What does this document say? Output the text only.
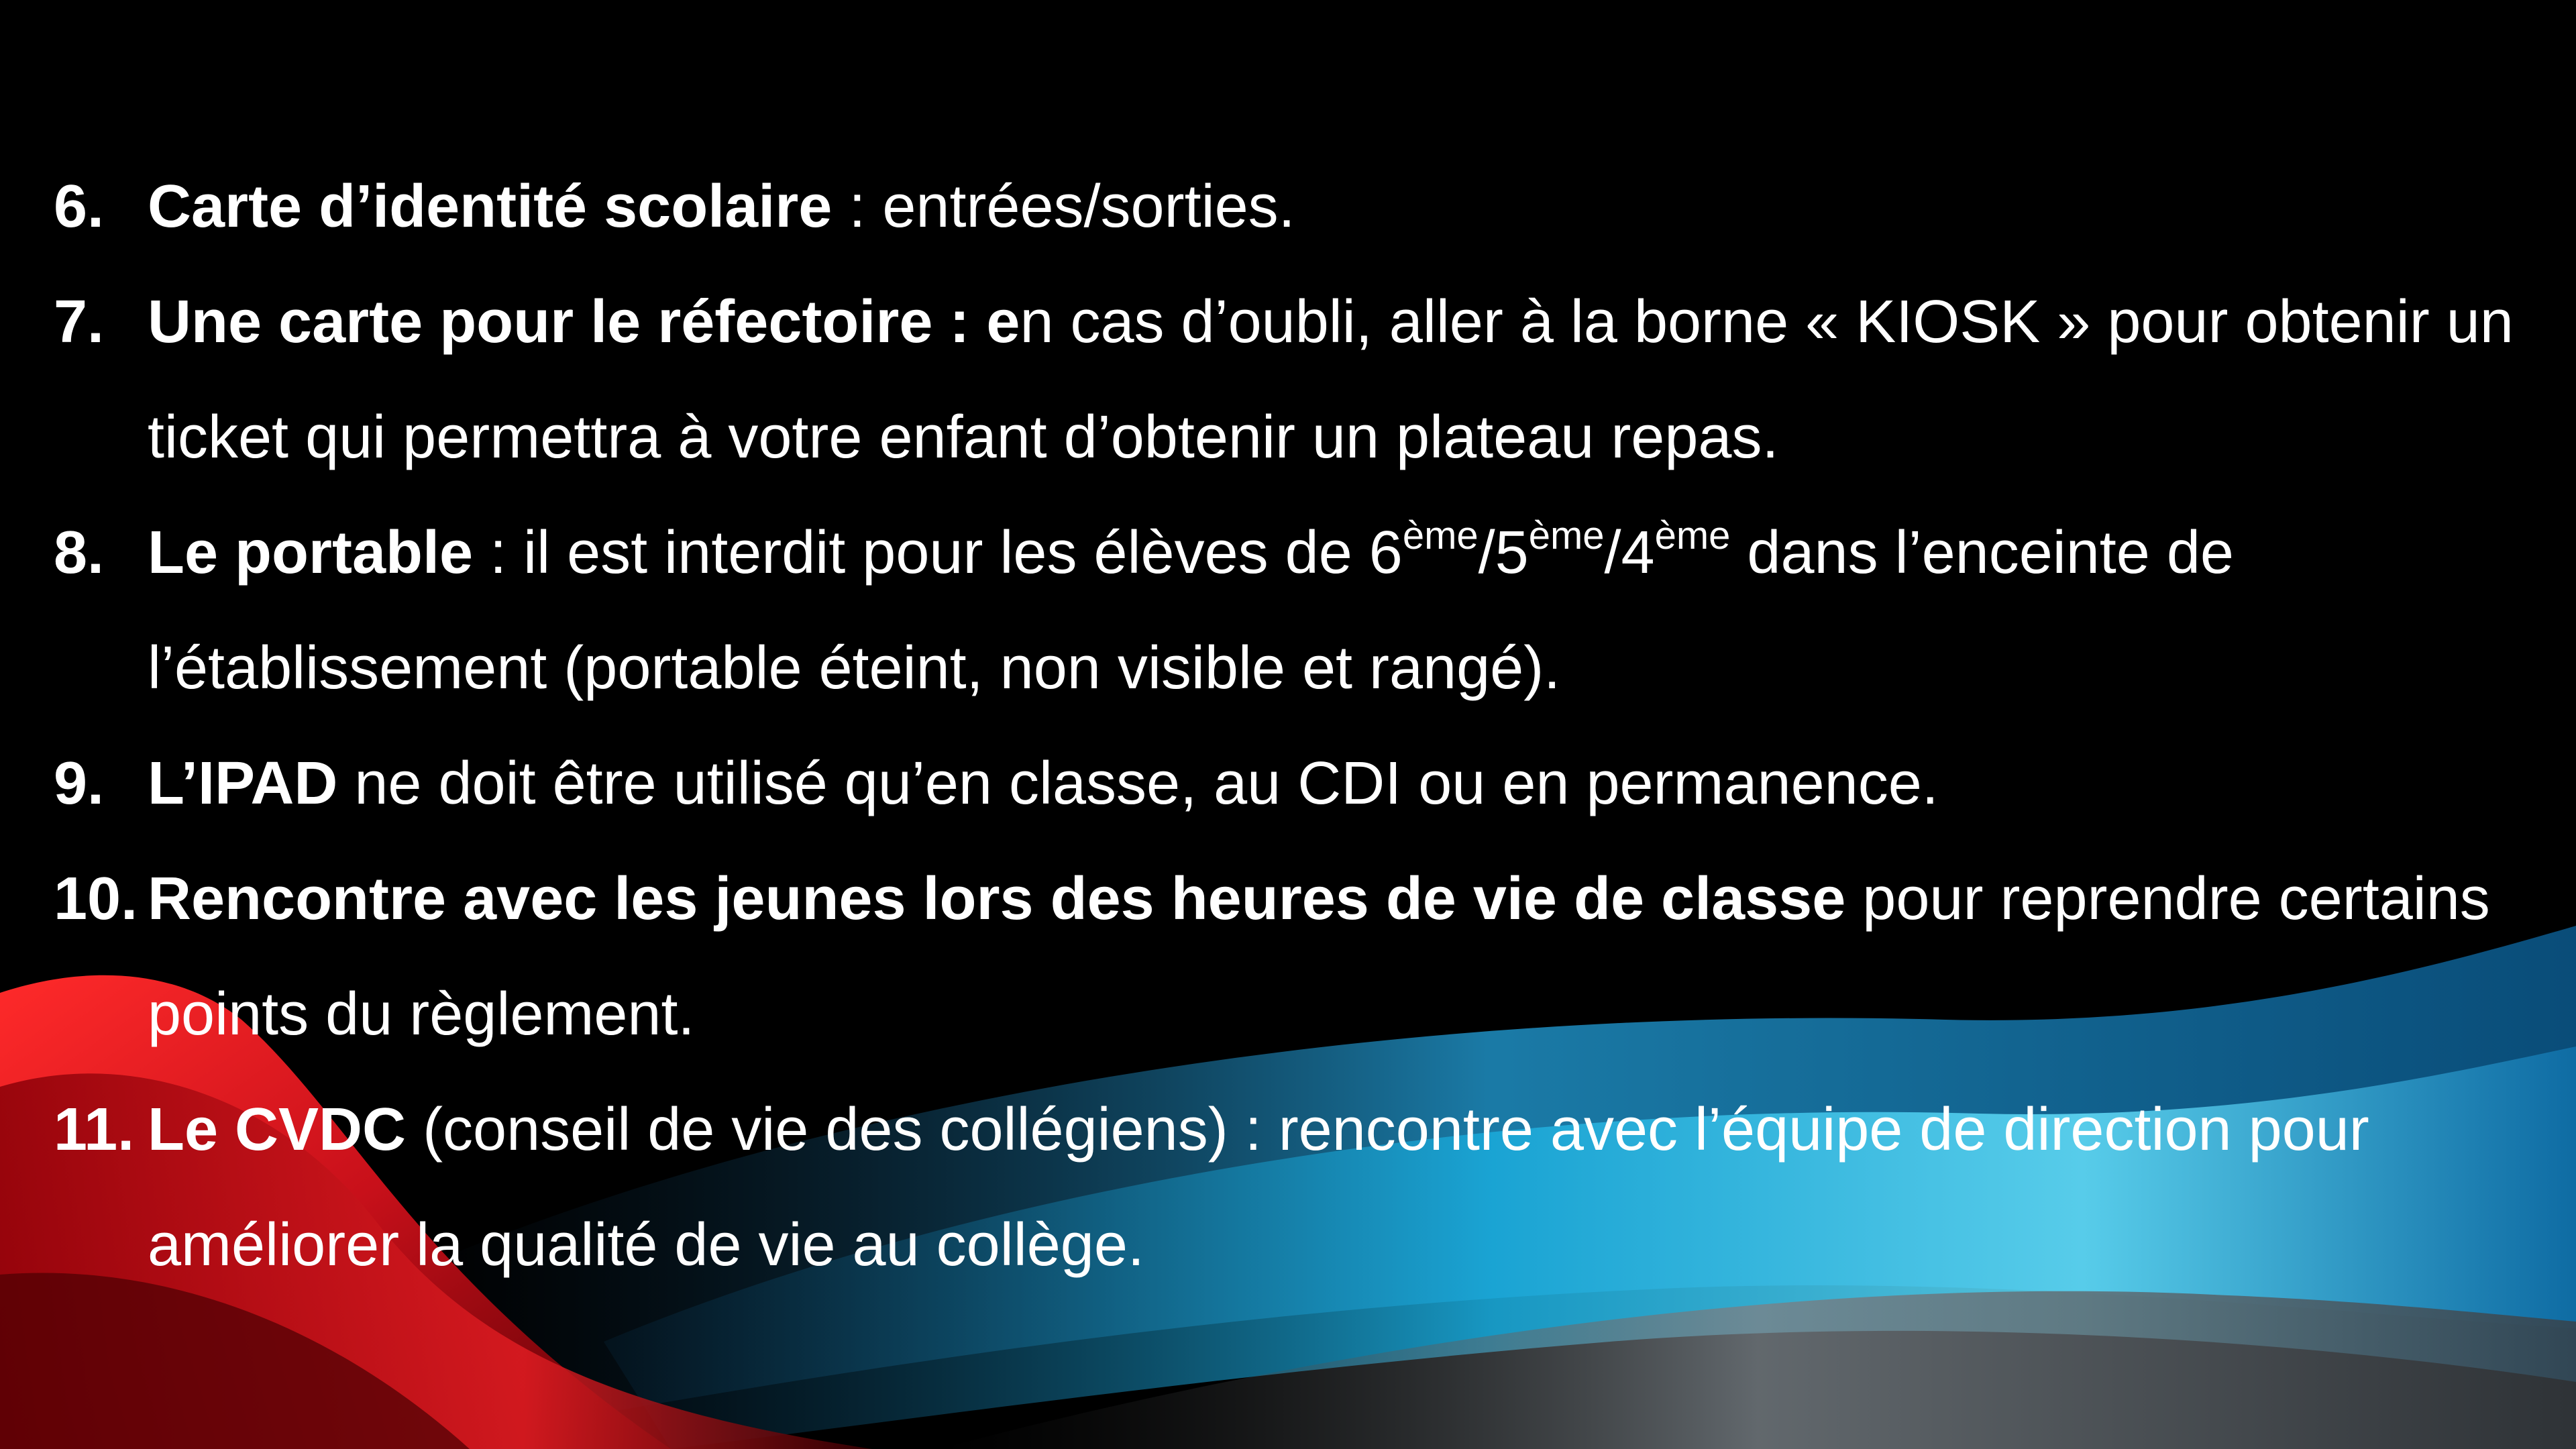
6. Carte d’identité scolaire : entrées/sorties.
7. Une carte pour le réfectoire : en cas d’oubli, aller à la borne « KIOSK » pour obtenir un ticket qui permettra à votre enfant d’obtenir un plateau repas.
8. Le portable : il est interdit pour les élèves de 6ème/5ème/4ème dans l’enceinte de l’établissement (portable éteint, non visible et rangé).
9. L’IPAD ne doit être utilisé qu’en classe, au CDI ou en permanence.
10. Rencontre avec les jeunes lors des heures de vie de classe pour reprendre certains points du règlement.
11. Le CVDC (conseil de vie des collégiens) : rencontre avec l’équipe de direction pour améliorer la qualité de vie au collège.
